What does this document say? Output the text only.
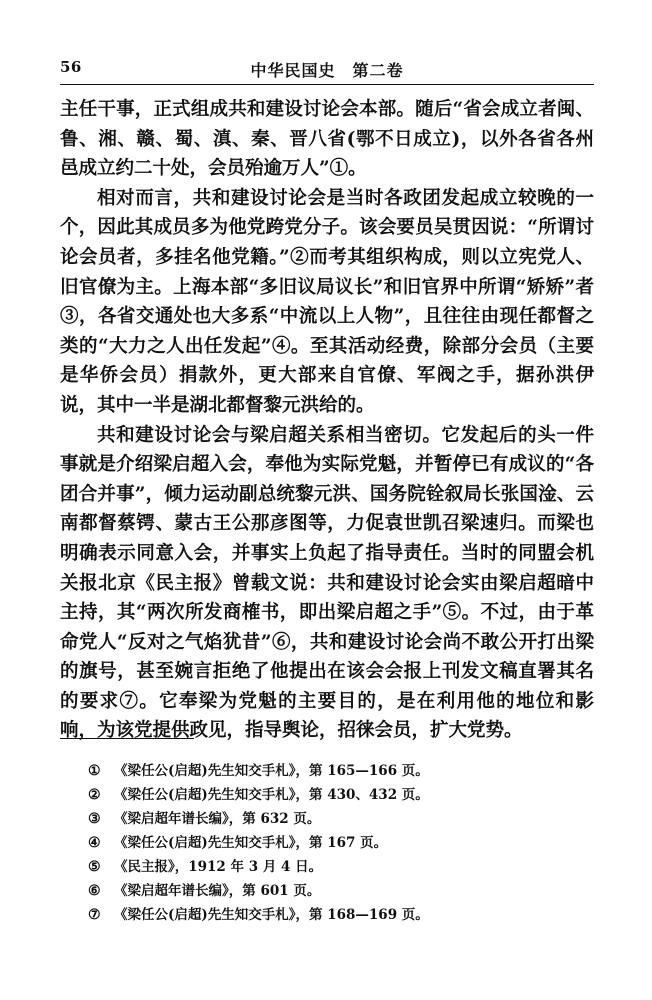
56	中华民国史　第二卷

主任干事，正式组成共和建设讨论会本部。随后“省会成立者闽、鲁、湘、赣、蜀、滇、秦、晋八省(鄂不日成立)，以外各省各州邑成立约二十处，会员殆逾万人”①。

相对而言，共和建设讨论会是当时各政团发起成立较晚的一个，因此其成员多为他党跨党分子。该会要员吴贯因说：“所谓讨论会员者，多挂名他党籍。”②而考其组织构成，则以立宪党人、旧官僚为主。上海本部“多旧议局议长”和旧官界中所谓“矫矫”者③，各省交通处也大多系“中流以上人物”，且往往由现任都督之类的“大力之人出任发起”④。至其活动经费，除部分会员（主要是华侨会员）捐款外，更大部来自官僚、军阀之手，据孙洪伊说，其中一半是湖北都督黎元洪给的。

共和建设讨论会与梁启超关系相当密切。它发起后的头一件事就是介绍梁启超入会，奉他为实际党魁，并暂停已有成议的“各团合并事”，倾力运动副总统黎元洪、国务院铨叙局长张国淦、云南都督蔡锷、蒙古王公那彦图等，力促袁世凯召梁速归。而梁也明确表示同意入会，并事实上负起了指导责任。当时的同盟会机关报北京《民主报》曾载文说：共和建设讨论会实由梁启超暗中主持，其“两次所发商榷书，即出梁启超之手”⑤。不过，由于革命党人“反对之气焰犹昔”⑥，共和建设讨论会尚不敢公开打出梁的旗号，甚至婉言拒绝了他提出在该会会报上刊发文稿直署其名的要求⑦。它奉梁为党魁的主要目的，是在利用他的地位和影响，为该党提供政见，指导舆论，招徕会员，扩大党势。

① 《梁任公(启超)先生知交手札》，第 165—166 页。
② 《梁任公(启超)先生知交手札》，第 430、432 页。
③ 《梁启超年谱长编》，第 632 页。
④ 《梁任公(启超)先生知交手札》，第 167 页。
⑤ 《民主报》，1912 年 3 月 4 日。
⑥ 《梁启超年谱长编》，第 601 页。
⑦ 《梁任公(启超)先生知交手札》，第 168—169 页。
